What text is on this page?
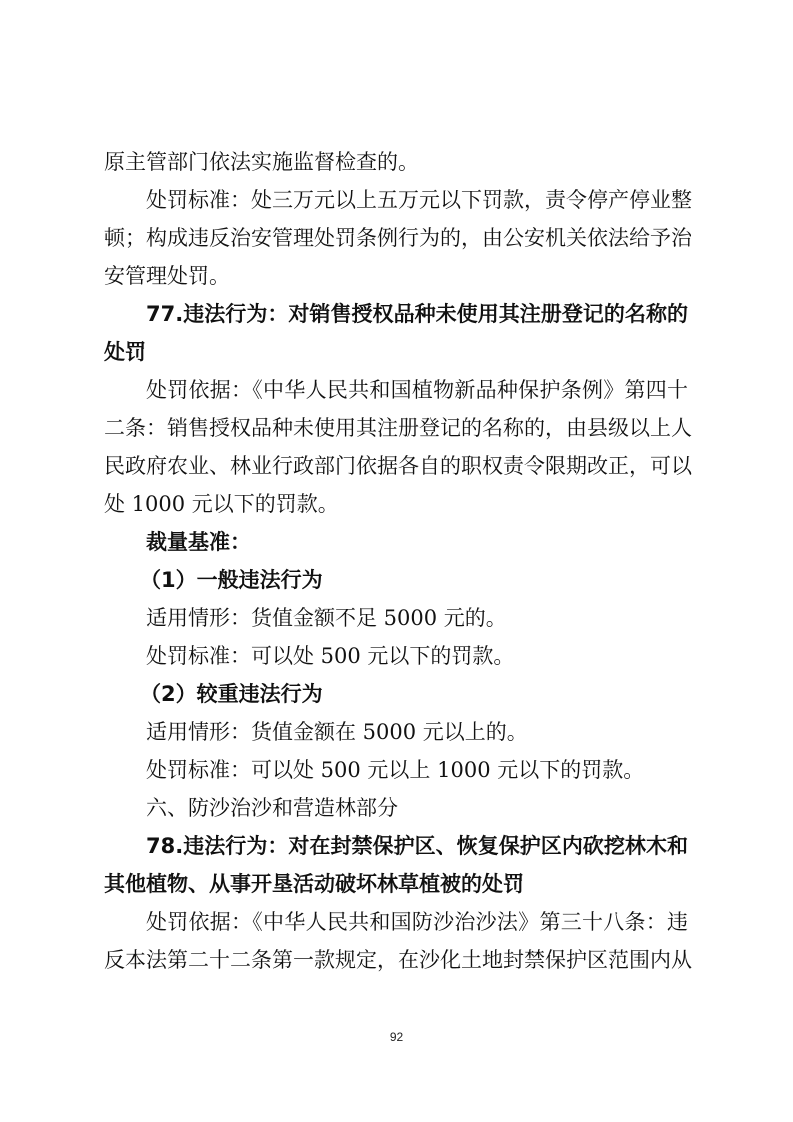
原主管部门依法实施监督检查的。
处罚标准：处三万元以上五万元以下罚款，责令停产停业整
顿；构成违反治安管理处罚条例行为的，由公安机关依法给予治
安管理处罚。
77.违法行为：对销售授权品种未使用其注册登记的名称的
处罚
处罚依据：《中华人民共和国植物新品种保护条例》第四十
二条：销售授权品种未使用其注册登记的名称的，由县级以上人
民政府农业、林业行政部门依据各自的职权责令限期改正，可以
处 1000 元以下的罚款。
裁量基准：
（1）一般违法行为
适用情形：货值金额不足 5000 元的。
处罚标准：可以处 500 元以下的罚款。
（2）较重违法行为
适用情形：货值金额在 5000 元以上的。
处罚标准：可以处 500 元以上 1000 元以下的罚款。
六、防沙治沙和营造林部分
78.违法行为：对在封禁保护区、恢复保护区内砍挖林木和
其他植物、从事开垦活动破坏林草植被的处罚
处罚依据：《中华人民共和国防沙治沙法》第三十八条：违
反本法第二十二条第一款规定，在沙化土地封禁保护区范围内从
92
